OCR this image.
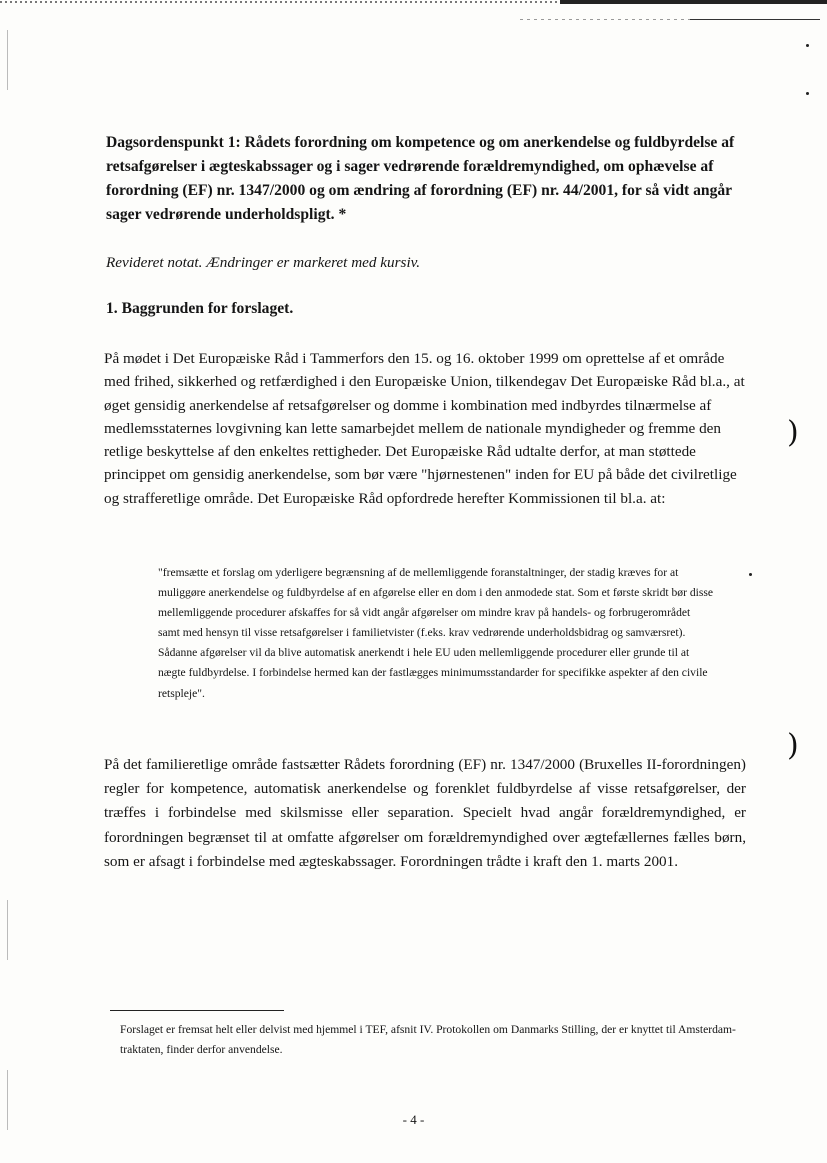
)
)

Dagsordenspunkt 1: Rådets forordning om kompetence og om anerkendelse og fuldbyrdelse af retsafgørelser i ægteskabssager og i sager vedrørende forældremyndighed, om ophævelse af forordning (EF) nr. 1347/2000 og om ændring af forordning (EF) nr. 44/2001, for så vidt angår sager vedrørende underholdspligt. *

Revideret notat. Ændringer er markeret med kursiv.

1. Baggrunden for forslaget.

På mødet i Det Europæiske Råd i Tammerfors den 15. og 16. oktober 1999 om oprettelse af et område med frihed, sikkerhed og retfærdighed i den Europæiske Union, tilkendegav Det Europæiske Råd bl.a., at øget gensidig anerkendelse af retsafgørelser og domme i kombination med indbyrdes tilnærmelse af medlemsstaternes lovgivning kan lette samarbejdet mellem de nationale myndigheder og fremme den retlige beskyttelse af den enkeltes rettigheder. Det Europæiske Råd udtalte derfor, at man støttede princippet om gensidig anerkendelse, som bør være "hjørnestenen" inden for EU på både det civilretlige og strafferetlige område. Det Europæiske Råd opfordrede herefter Kommissionen til bl.a. at:

"fremsætte et forslag om yderligere begrænsning af de mellemliggende foranstaltninger, der stadig kræves for at muliggøre anerkendelse og fuldbyrdelse af en afgørelse eller en dom i den anmodede stat. Som et første skridt bør disse mellemliggende procedurer afskaffes for så vidt angår afgørelser om mindre krav på handels- og forbrugerområdet samt med hensyn til visse retsafgørelser i familietvister (f.eks. krav vedrørende underholdsbidrag og samværsret). Sådanne afgørelser vil da blive automatisk anerkendt i hele EU uden mellemliggende procedurer eller grunde til at nægte fuldbyrdelse. I forbindelse hermed kan der fastlægges minimumsstandarder for specifikke aspekter af den civile retspleje".

På det familieretlige område fastsætter Rådets forordning (EF) nr. 1347/2000 (Bruxelles II-forordningen) regler for kompetence, automatisk anerkendelse og forenklet fuldbyrdelse af visse retsafgørelser, der træffes i forbindelse med skilsmisse eller separation. Specielt hvad angår forældremyndighed, er forordningen begrænset til at omfatte afgørelser om forældremyndighed over ægtefællernes fælles børn, som er afsagt i forbindelse med ægteskabssager. Forordningen trådte i kraft den 1. marts 2001.

Forslaget er fremsat helt eller delvist med hjemmel i TEF, afsnit IV. Protokollen om Danmarks Stilling, der er knyttet til Amsterdam-traktaten, finder derfor anvendelse.

- 4 -
